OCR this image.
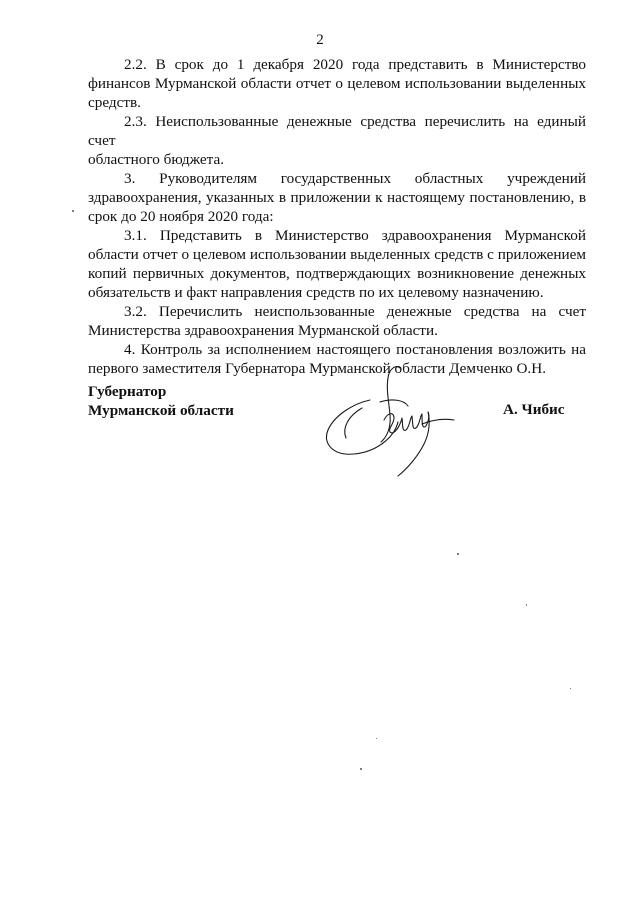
2

2.2. В срок до 1 декабря 2020 года представить в Министерство
финансов Мурманской области отчет о целевом использовании выделенных
средств.

2.3. Неиспользованные денежные средства перечислить на единый счет
областного бюджета.

3. Руководителям государственных областных учреждений
здравоохранения, указанных в приложении к настоящему постановлению, в
срок до 20 ноября 2020 года:

3.1. Представить в Министерство здравоохранения Мурманской
области отчет о целевом использовании выделенных средств с приложением
копий первичных документов, подтверждающих возникновение денежных
обязательств и факт направления средств по их целевому назначению.

3.2. Перечислить неиспользованные денежные средства на счет
Министерства здравоохранения Мурманской области.

4. Контроль за исполнением настоящего постановления возложить на
первого заместителя Губернатора Мурманской области Демченко О.Н.

Губернатор
Мурманской области	А. Чибис
